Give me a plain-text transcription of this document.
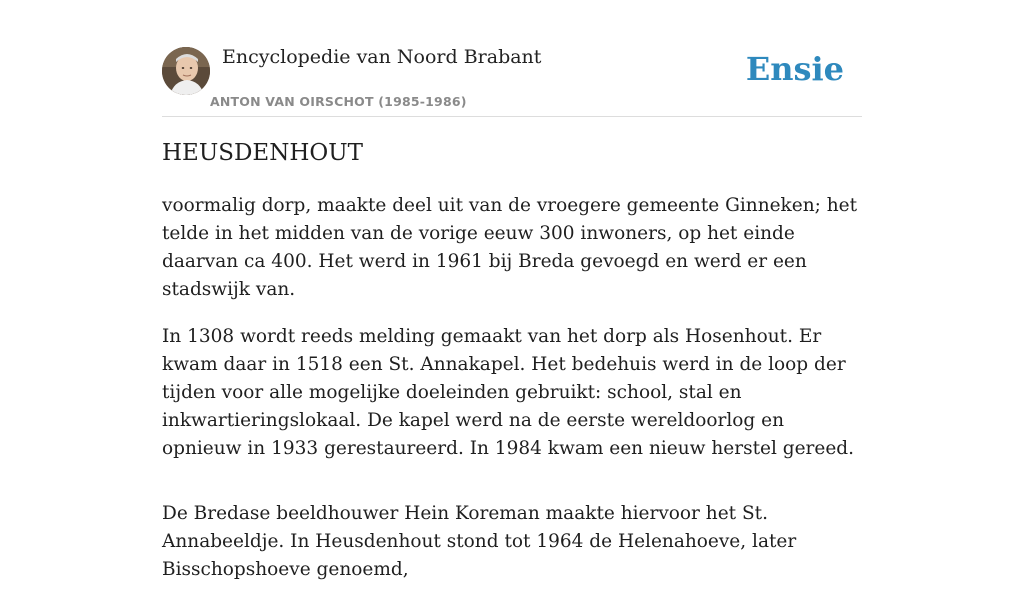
Encyclopedie van Noord Brabant
ANTON VAN OIRSCHOT (1985-1986)
Ensie
HEUSDENHOUT

voormalig dorp, maakte deel uit van de vroegere gemeente Ginneken; het telde in het midden van de vorige eeuw 300 inwoners, op het einde daarvan ca 400. Het werd in 1961 bij Breda gevoegd en werd er een stadswijk van.

In 1308 wordt reeds melding gemaakt van het dorp als Hosenhout. Er kwam daar in 1518 een St. Annakapel. Het bedehuis werd in de loop der tijden voor alle mogelijke doeleinden gebruikt: school, stal en inkwartieringslokaal. De kapel werd na de eerste wereldoorlog en opnieuw in 1933 gerestaureerd. In 1984 kwam een nieuw herstel gereed.

De Bredase beeldhouwer Hein Koreman maakte hiervoor het St. Annabeeldje. In Heusdenhout stond tot 1964 de Helenahoeve, later Bisschopshoeve genoemd,
